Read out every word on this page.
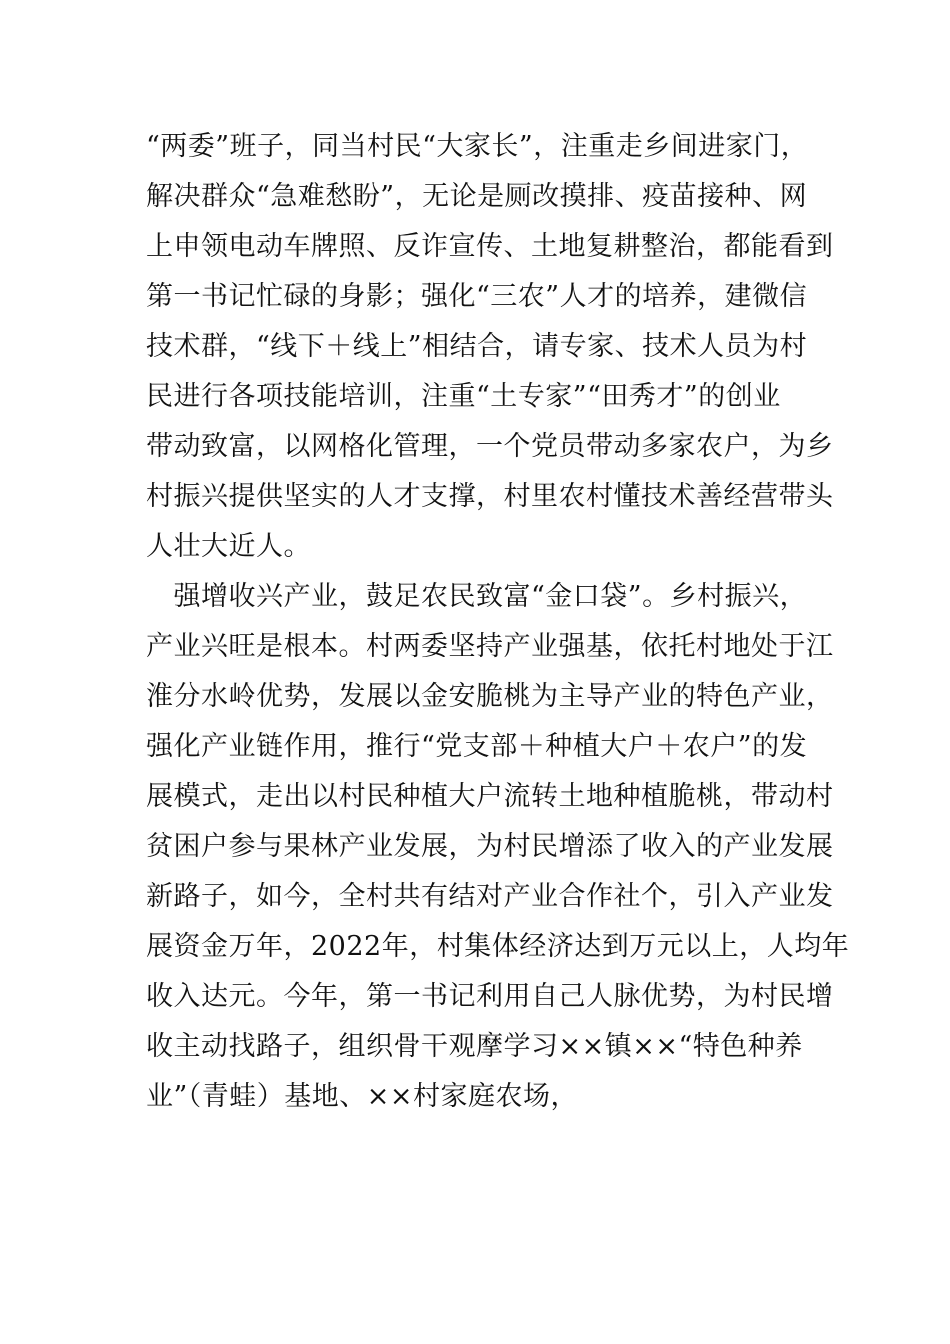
“两委”班子，同当村民“大家长”，注重走乡间进家门，
解决群众“急难愁盼”，无论是厕改摸排、疫苗接种、网
上申领电动车牌照、反诈宣传、土地复耕整治，都能看到
第一书记忙碌的身影；强化“三农”人才的培养，建微信
技术群，“线下＋线上”相结合，请专家、技术人员为村
民进行各项技能培训，注重“土专家”“田秀才”的创业
带动致富，以网格化管理，一个党员带动多家农户，为乡
村振兴提供坚实的人才支撑，村里农村懂技术善经营带头
人壮大近人。
　强增收兴产业，鼓足农民致富“金口袋”。乡村振兴，
产业兴旺是根本。村两委坚持产业强基，依托村地处于江
淮分水岭优势，发展以金安脆桃为主导产业的特色产业，
强化产业链作用，推行“党支部＋种植大户＋农户”的发
展模式，走出以村民种植大户流转土地种植脆桃，带动村
贫困户参与果林产业发展，为村民增添了收入的产业发展
新路子，如今，全村共有结对产业合作社个，引入产业发
展资金万年，2022年，村集体经济达到万元以上，人均年
收入达元。今年，第一书记利用自己人脉优势，为村民增
收主动找路子，组织骨干观摩学习××镇××“特色种养
业”（青蛙）基地、××村家庭农场，
